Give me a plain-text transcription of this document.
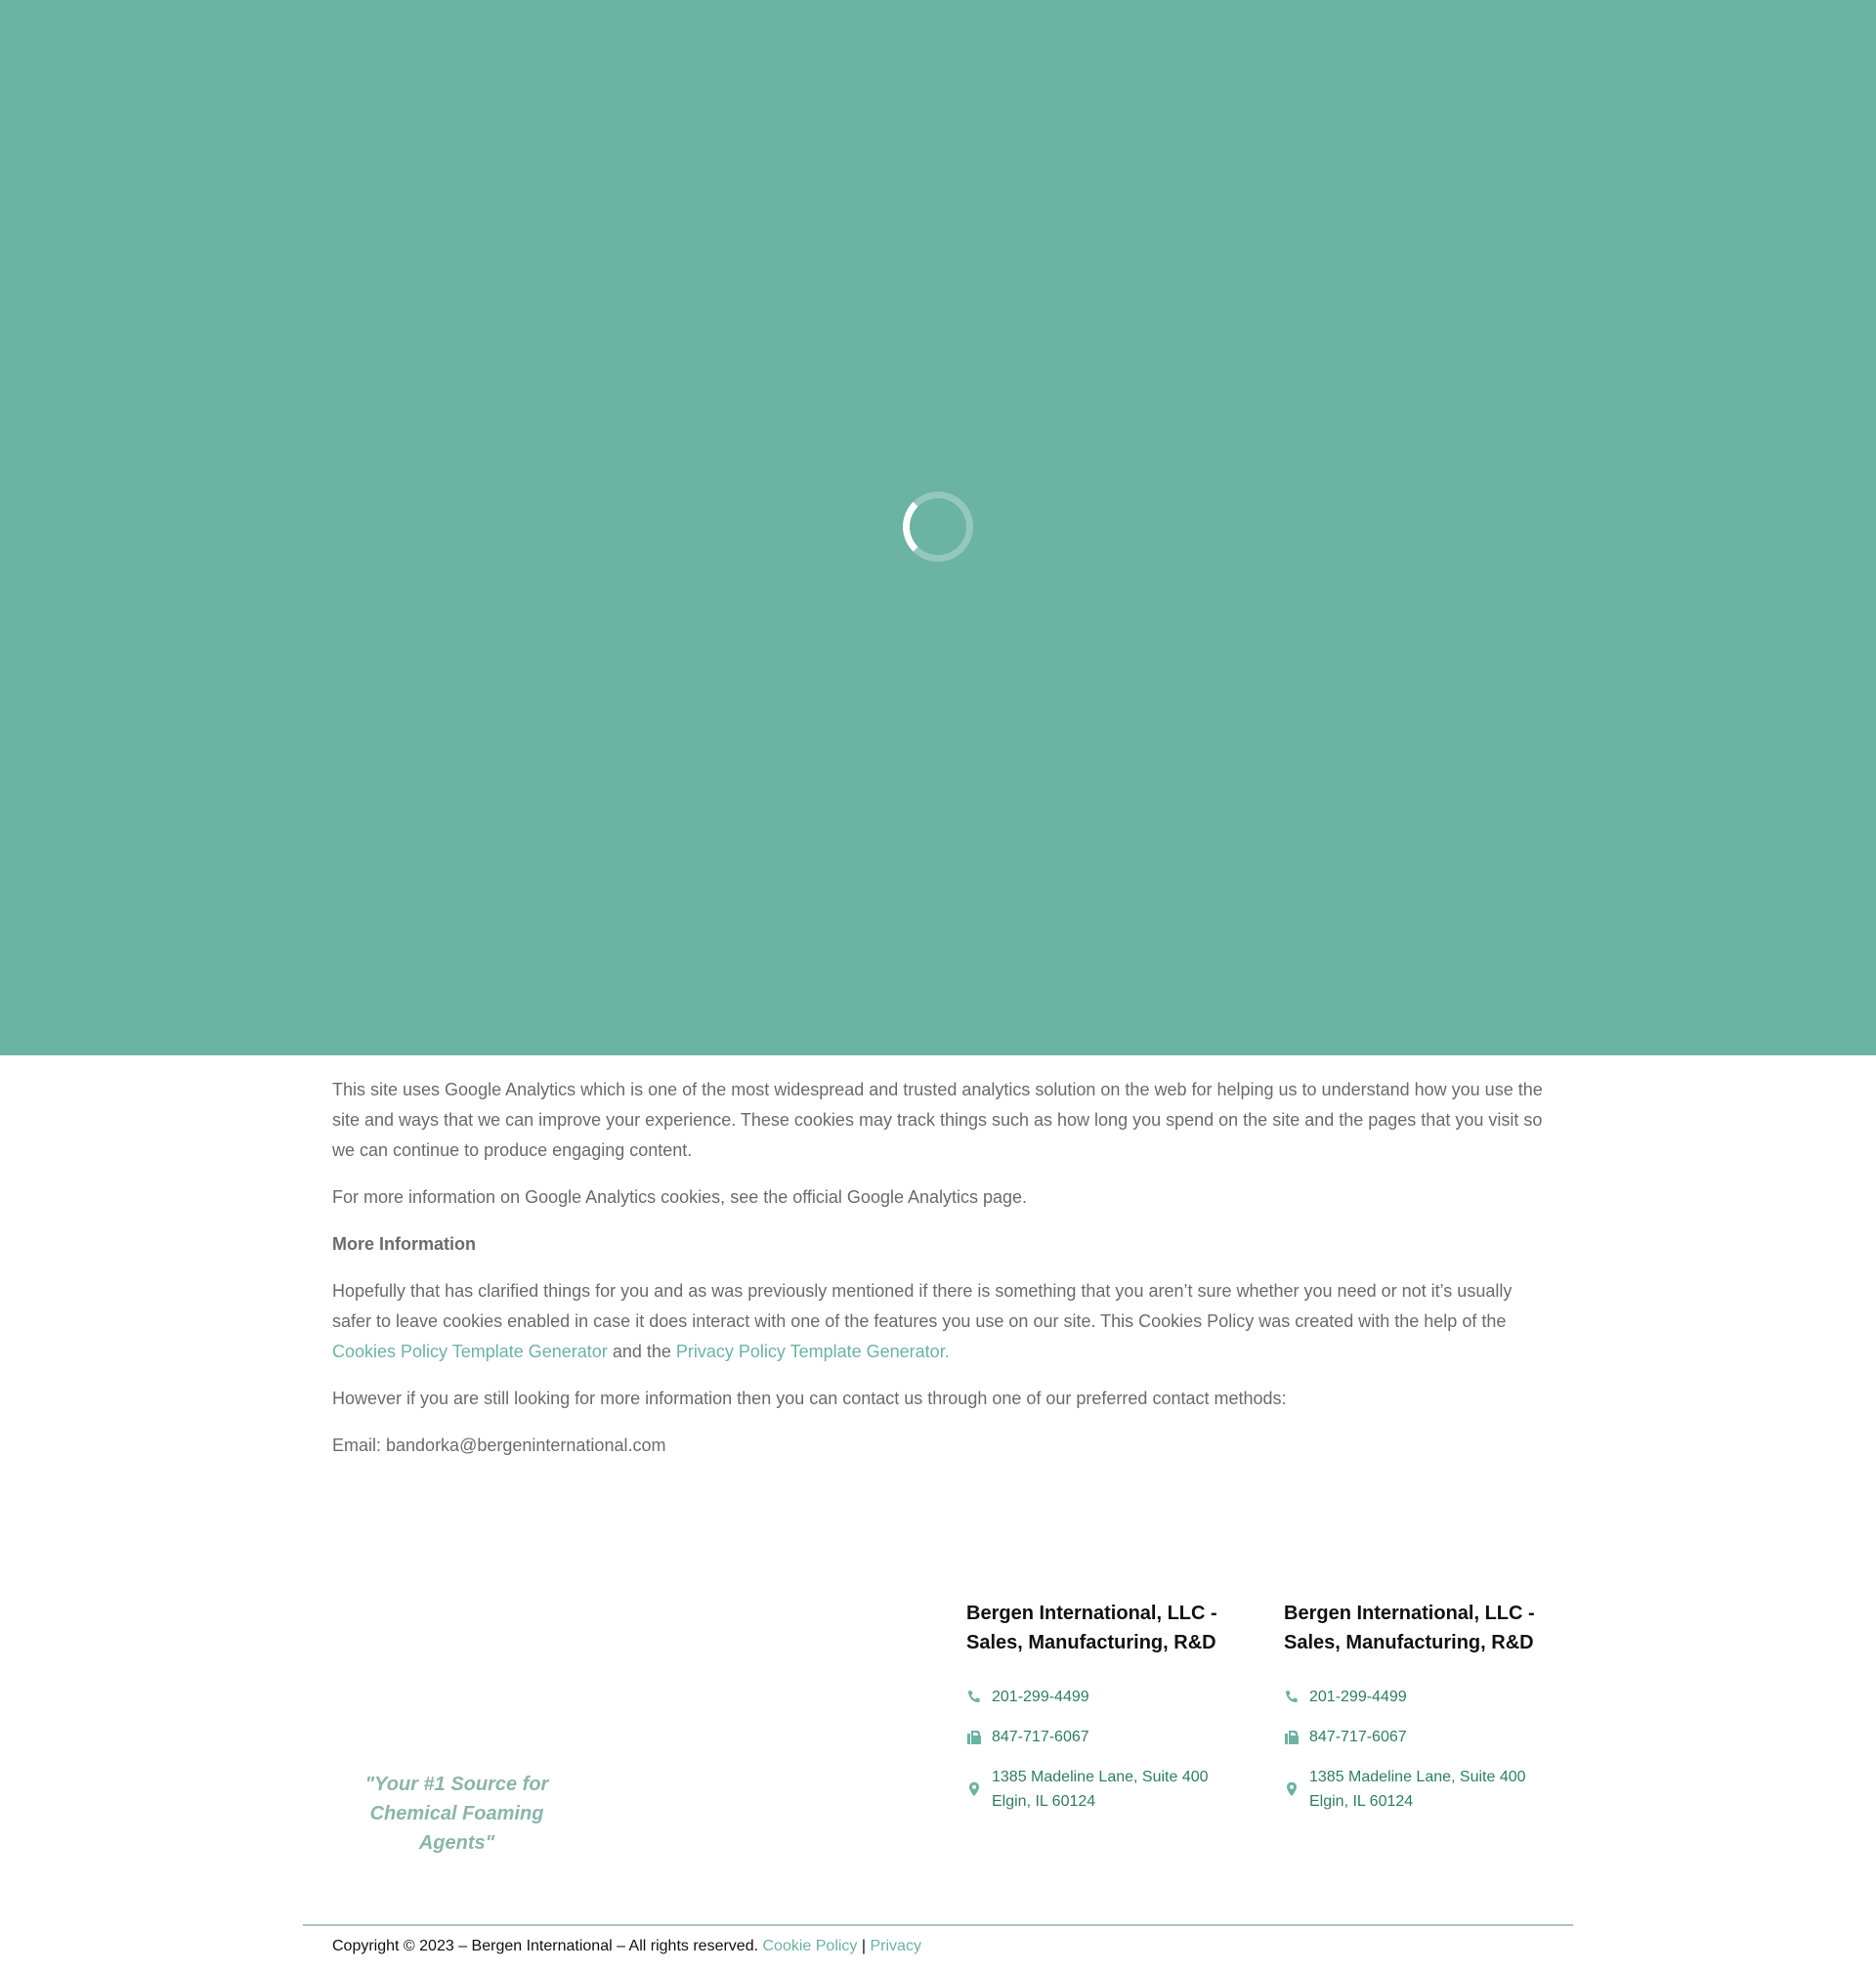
This site uses Google Analytics which is one of the most widespread and trusted analytics solution on the web for helping us to understand how you use the site and ways that we can improve your experience. These cookies may track things such as how long you spend on the site and the pages that you visit so we can continue to produce engaging content.

For more information on Google Analytics cookies, see the official Google Analytics page.

More Information

Hopefully that has clarified things for you and as was previously mentioned if there is something that you aren’t sure whether you need or not it’s usually safer to leave cookies enabled in case it does interact with one of the features you use on our site. This Cookies Policy was created with the help of the Cookies Policy Template Generator and the Privacy Policy Template Generator.

However if you are still looking for more information then you can contact us through one of our preferred contact methods:

Email: bandorka@bergeninternational.com

"Your #1 Source for Chemical Foaming Agents"
Bergen International, LLC - Sales, Manufacturing, R&D
201-299-4499
847-717-6067
1385 Madeline Lane, Suite 400
Elgin, IL 60124
Bergen International, LLC - Sales, Manufacturing, R&D
201-299-4499
847-717-6067
1385 Madeline Lane, Suite 400
Elgin, IL 60124
Copyright © 2023 – Bergen International – All rights reserved. Cookie Policy | Privacy
